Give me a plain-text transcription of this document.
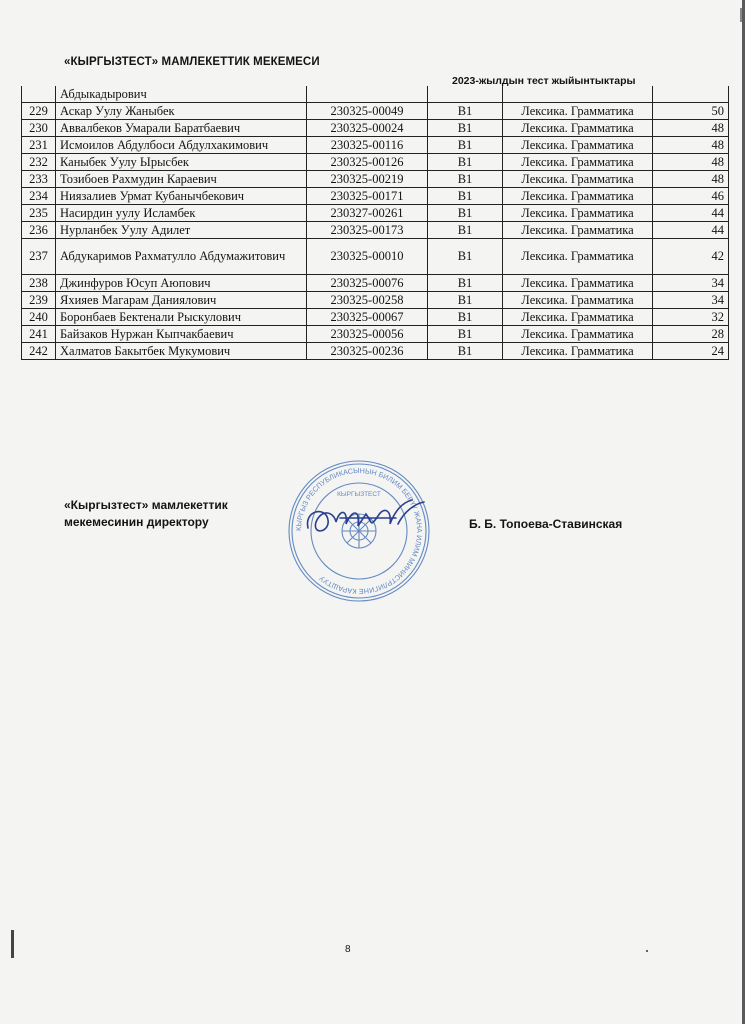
«КЫРГЫЗТЕСТ» МАМЛЕКЕТТИК МЕКЕМЕСИ
2023-жылдын тест жыйынтыктары
	Абдыкадырович				
229	Аскар Уулу Жаныбек	230325-00049	B1	Лексика. Грамматика	50
230	Аввалбеков Умарали Баратбаевич	230325-00024	B1	Лексика. Грамматика	48
231	Исмоилов Абдулбоси Абдулхакимович	230325-00116	B1	Лексика. Грамматика	48
232	Каныбек Уулу Ырысбек	230325-00126	B1	Лексика. Грамматика	48
233	Тозибоев Рахмудин Караевич	230325-00219	B1	Лексика. Грамматика	48
234	Ниязалиев Урмат Кубанычбекович	230325-00171	B1	Лексика. Грамматика	46
235	Насирдин уулу Исламбек	230327-00261	B1	Лексика. Грамматика	44
236	Нурланбек Уулу Адилет	230325-00173	B1	Лексика. Грамматика	44
237	Абдукаримов Рахматулло Абдумажитович	230325-00010	B1	Лексика. Грамматика	42
238	Джинфуров Юсуп Аюпович	230325-00076	B1	Лексика. Грамматика	34
239	Яхияев Магарам Даниялович	230325-00258	B1	Лексика. Грамматика	34
240	Боронбаев Бектенали Рыскулович	230325-00067	B1	Лексика. Грамматика	32
241	Байзаков Нуржан Кыпчакбаевич	230325-00056	B1	Лексика. Грамматика	28
242	Халматов Бакытбек Мукумович	230325-00236	B1	Лексика. Грамматика	24
«Кыргызтест» мамлекеттик
мекемесинин директору	КЫРГЫЗ РЕСПУБЛИКАСЫНЫН БИЛИМ БЕРҮҮ ЖАНА ИЛИМ МИНИСТРЛИГИНЕ КАРАШТУУ
КЫРГЫЗТЕСТ
Б. Б. Топоева-Ставинская
8
